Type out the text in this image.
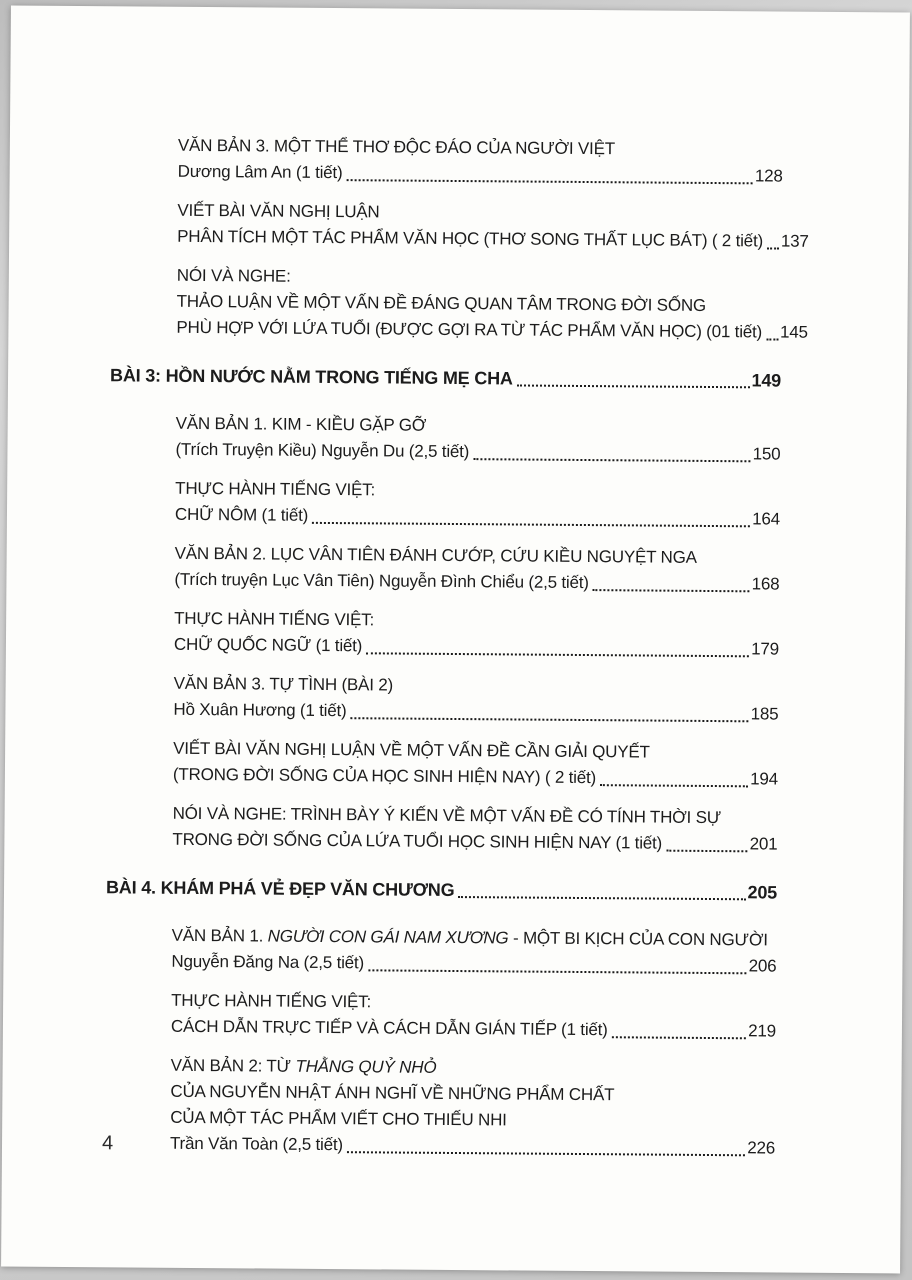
VĂN BẢN 3. MỘT THỂ THƠ ĐỘC ĐÁO CỦA NGƯỜI VIỆT
Dương Lâm An (1 tiết)	128
VIẾT BÀI VĂN NGHỊ LUẬN
PHÂN TÍCH MỘT TÁC PHẨM VĂN HỌC (THƠ SONG THẤT LỤC BÁT) ( 2 tiết) 137
NÓI VÀ NGHE:
THẢO LUẬN VỀ MỘT VẤN ĐỀ ĐÁNG QUAN TÂM TRONG ĐỜI SỐNG
PHÙ HỢP VỚI LỨA TUỔI (ĐƯỢC GỢI RA TỪ TÁC PHẨM VĂN HỌC) (01 tiết) 145
BÀI 3: HỒN NƯỚC NẰM TRONG TIẾNG MẸ CHA	149
VĂN BẢN 1. KIM - KIỀU GẶP GỠ
(Trích Truyện Kiều) Nguyễn Du (2,5 tiết)	150
THỰC HÀNH TIẾNG VIỆT:
CHỮ NÔM (1 tiết)	164
VĂN BẢN 2. LỤC VÂN TIÊN ĐÁNH CƯỚP, CỨU KIỀU NGUYỆT NGA
(Trích truyện Lục Vân Tiên) Nguyễn Đình Chiểu (2,5 tiết)	168
THỰC HÀNH TIẾNG VIỆT:
CHỮ QUỐC NGỮ (1 tiết)	179
VĂN BẢN 3. TỰ TÌNH (BÀI 2)
Hồ Xuân Hương (1 tiết)	185
VIẾT BÀI VĂN NGHỊ LUẬN VỀ MỘT VẤN ĐỀ CẦN GIẢI QUYẾT
(TRONG ĐỜI SỐNG CỦA HỌC SINH HIỆN NAY) ( 2 tiết)	194
NÓI VÀ NGHE: TRÌNH BÀY Ý KIẾN VỀ MỘT VẤN ĐỀ CÓ TÍNH THỜI SỰ
TRONG ĐỜI SỐNG CỦA LỨA TUỔI HỌC SINH HIỆN NAY (1 tiết)	201
BÀI 4. KHÁM PHÁ VẺ ĐẸP VĂN CHƯƠNG	205
VĂN BẢN 1. NGƯỜI CON GÁI NAM XƯƠNG - MỘT BI KỊCH CỦA CON NGƯỜI
Nguyễn Đăng Na (2,5 tiết)	206
THỰC HÀNH TIẾNG VIỆT:
CÁCH DẪN TRỰC TIẾP VÀ CÁCH DẪN GIÁN TIẾP (1 tiết)	219
VĂN BẢN 2: TỪ THẰNG QUỶ NHỎ
CỦA NGUYỄN NHẬT ÁNH NGHĨ VỀ NHỮNG PHẨM CHẤT
CỦA MỘT TÁC PHẨM VIẾT CHO THIẾU NHI
Trần Văn Toàn (2,5 tiết)	226
4
